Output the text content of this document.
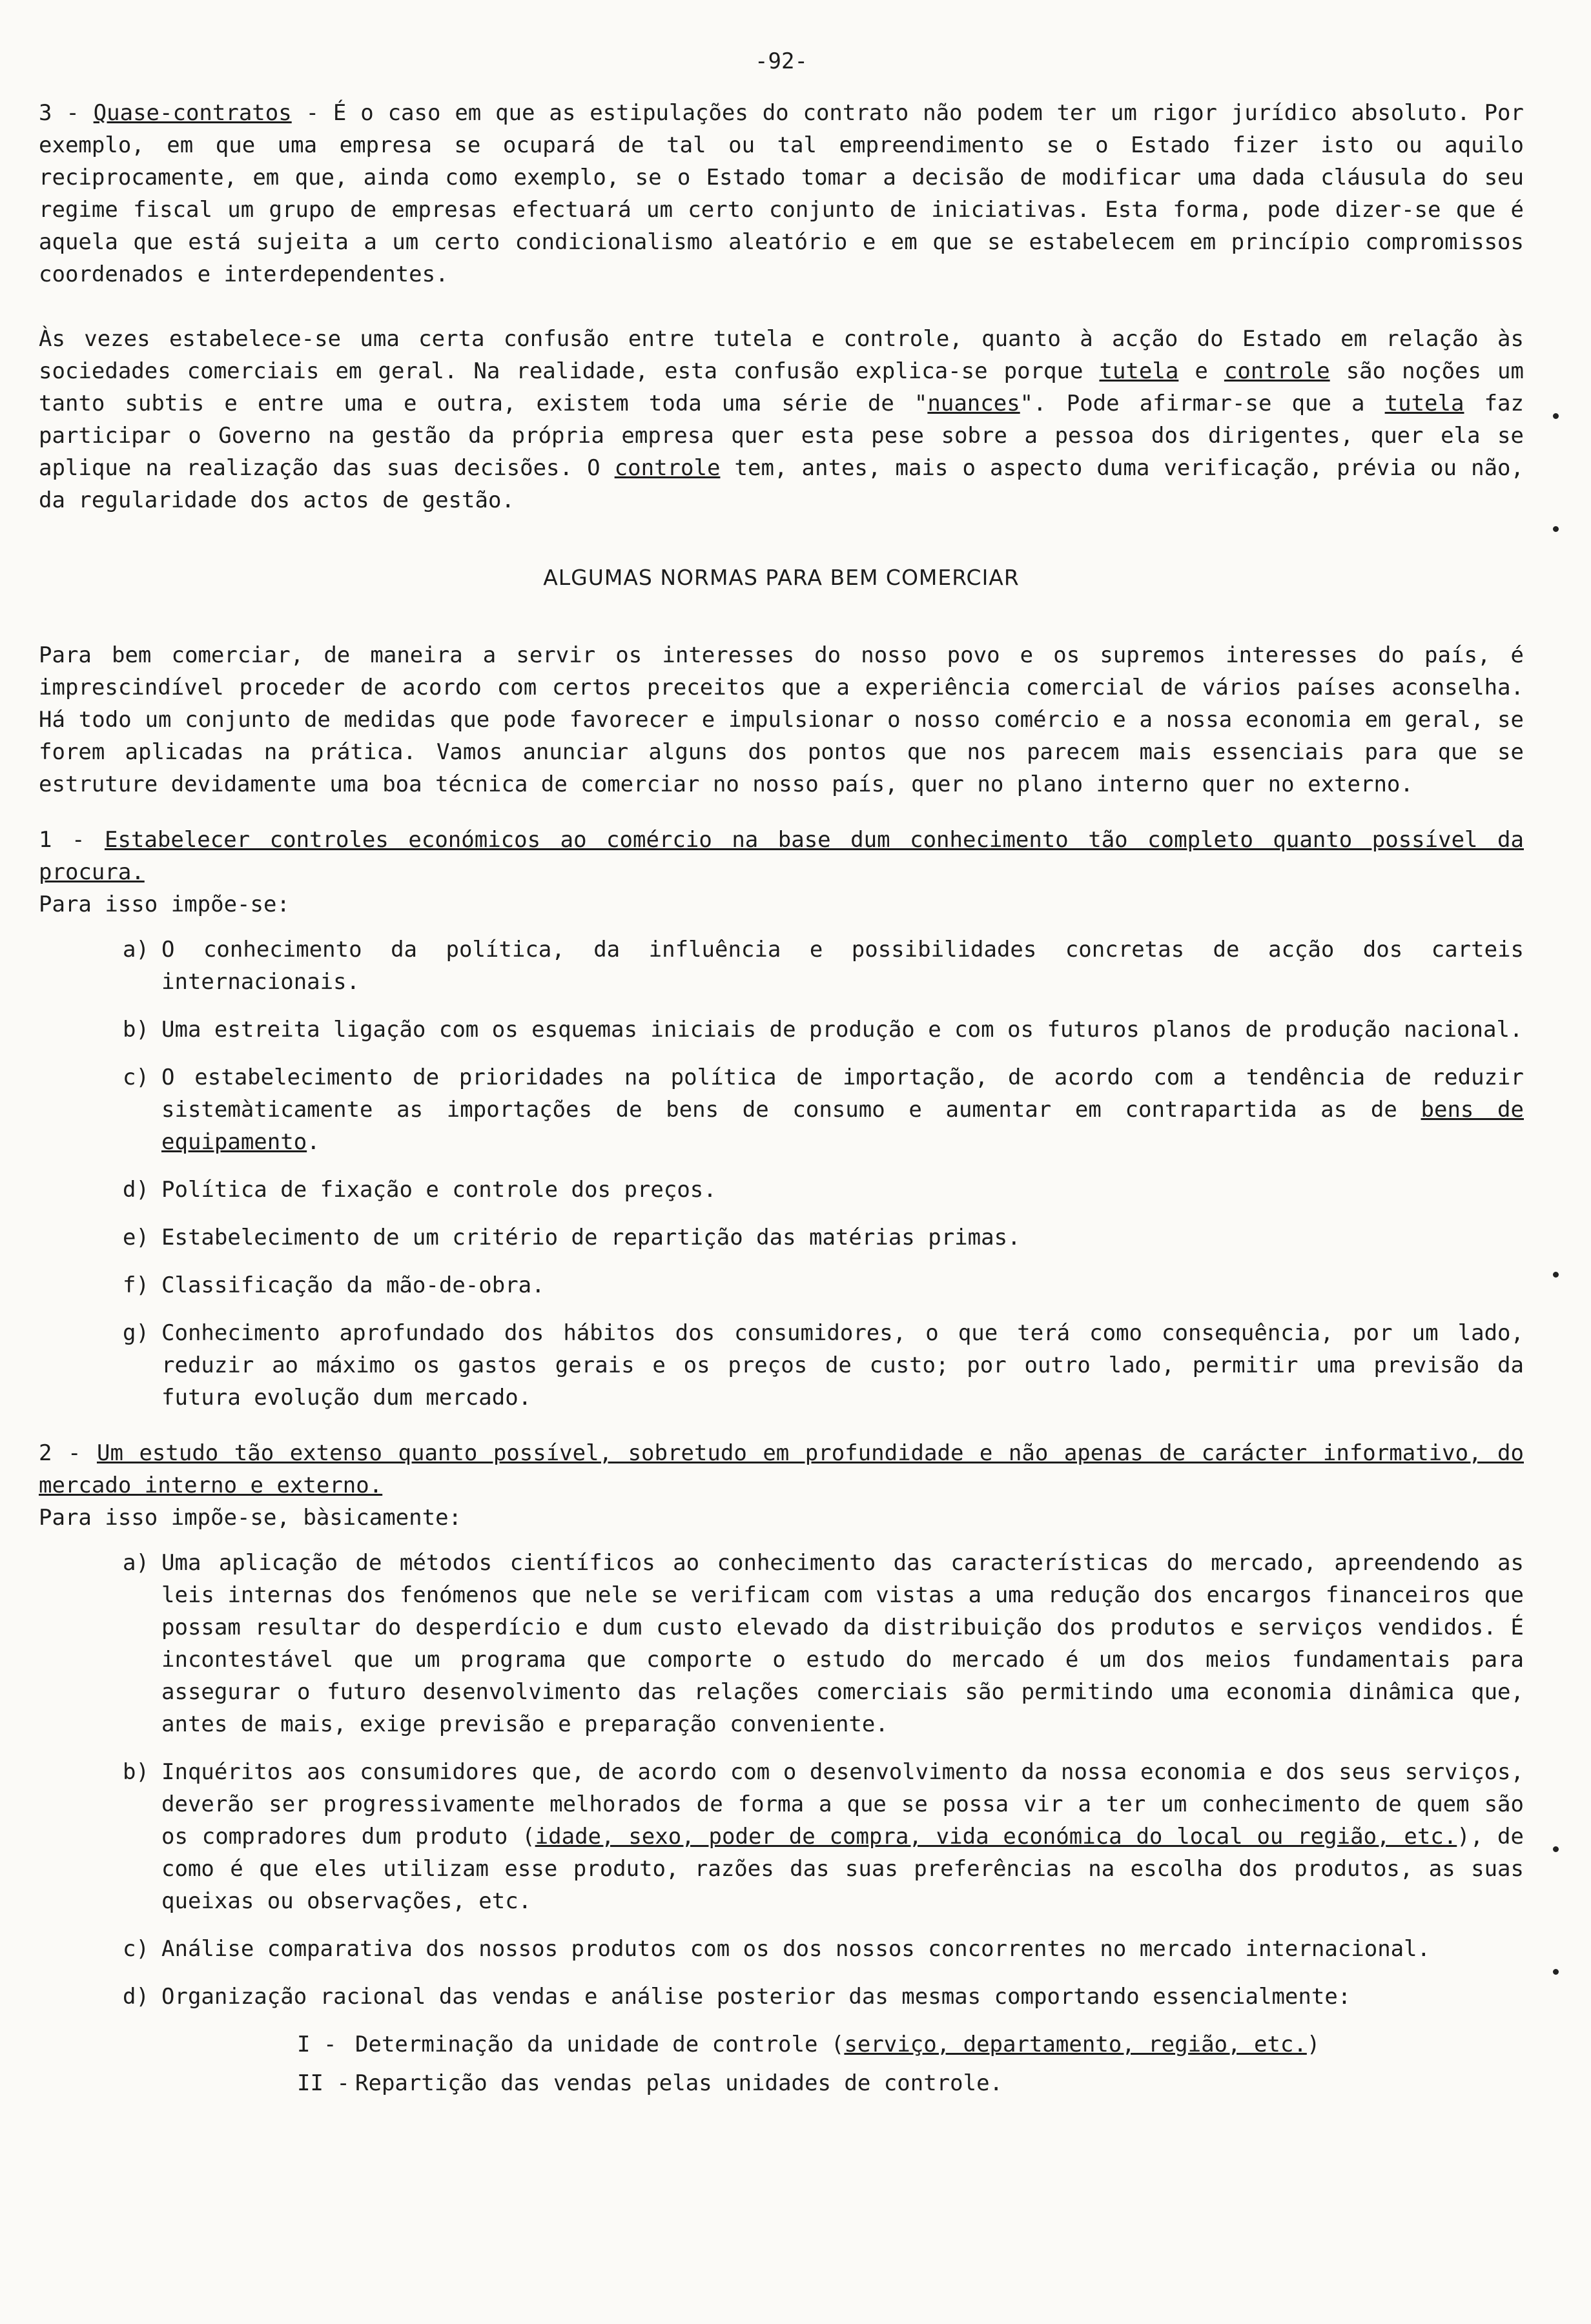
-92-

3 - Quase-contratos - É o caso em que as estipulações do contrato não podem ter um rigor jurídico absoluto. Por exemplo, em que uma empresa se ocupará de tal ou tal empreendimento se o Estado fizer isto ou aquilo reciprocamente, em que, ainda como exemplo, se o Estado tomar a decisão de modificar uma dada cláusula do seu regime fiscal um grupo de empresas efectuará um certo conjunto de iniciativas. Esta forma, pode dizer-se que é aquela que está sujeita a um certo condicionalismo aleatório e em que se estabelecem em princípio compromissos coordenados e interdependentes.

Às vezes estabelece-se uma certa confusão entre tutela e controle, quanto à acção do Estado em relação às sociedades comerciais em geral. Na realidade, esta confusão explica-se porque tutela e controle são noções um tanto subtis e entre uma e outra, existem toda uma série de "nuances". Pode afirmar-se que a tutela faz participar o Governo na gestão da própria empresa quer esta pese sobre a pessoa dos dirigentes, quer ela se aplique na realização das suas decisões. O controle tem, antes, mais o aspecto duma verificação, prévia ou não, da regularidade dos actos de gestão.

ALGUMAS NORMAS PARA BEM COMERCIAR

Para bem comerciar, de maneira a servir os interesses do nosso povo e os supremos interesses do país, é imprescindível proceder de acordo com certos preceitos que a experiência comercial de vários países aconselha. Há todo um conjunto de medidas que pode favorecer e impulsionar o nosso comércio e a nossa economia em geral, se forem aplicadas na prática. Vamos anunciar alguns dos pontos que nos parecem mais essenciais para que se estruture devidamente uma boa técnica de comerciar no nosso país, quer no plano interno quer no externo.

1 - Estabelecer controles económicos ao comércio na base dum conhecimento tão completo quanto possível da procura.

Para isso impõe-se:

a) O conhecimento da política, da influência e possibilidades concretas de acção dos carteis internacionais.
b) Uma estreita ligação com os esquemas iniciais de produção e com os futuros planos de produção nacional.
c) O estabelecimento de prioridades na política de importação, de acordo com a tendência de reduzir sistemàticamente as importações de bens de consumo e aumentar em contrapartida as de bens de equipamento.
d) Política de fixação e controle dos preços.
e) Estabelecimento de um critério de repartição das matérias primas.
f) Classificação da mão-de-obra.
g) Conhecimento aprofundado dos hábitos dos consumidores, o que terá como consequência, por um lado, reduzir ao máximo os gastos gerais e os preços de custo; por outro lado, permitir uma previsão da futura evolução dum mercado.

2 - Um estudo tão extenso quanto possível, sobretudo em profundidade e não apenas de carácter informativo, do mercado interno e externo.

Para isso impõe-se, bàsicamente:

a) Uma aplicação de métodos científicos ao conhecimento das características do mercado, apreendendo as leis internas dos fenómenos que nele se verificam com vistas a uma redução dos encargos financeiros que possam resultar do desperdício e dum custo elevado da distribuição dos produtos e serviços vendidos. É incontestável que um programa que comporte o estudo do mercado é um dos meios fundamentais para assegurar o futuro desenvolvimento das relações comerciais são permitindo uma economia dinâmica que, antes de mais, exige previsão e preparação conveniente.
b) Inquéritos aos consumidores que, de acordo com o desenvolvimento da nossa economia e dos seus serviços, deverão ser progressivamente melhorados de forma a que se possa vir a ter um conhecimento de quem são os compradores dum produto (idade, sexo, poder de compra, vida económica do local ou região, etc.), de como é que eles utilizam esse produto, razões das suas preferências na escolha dos produtos, as suas queixas ou observações, etc.
c) Análise comparativa dos nossos produtos com os dos nossos concorrentes no mercado internacional.
d) Organização racional das vendas e análise posterior das mesmas comportando essencialmente:
I - Determinação da unidade de controle (serviço, departamento, região, etc.)
II - Repartição das vendas pelas unidades de controle.
